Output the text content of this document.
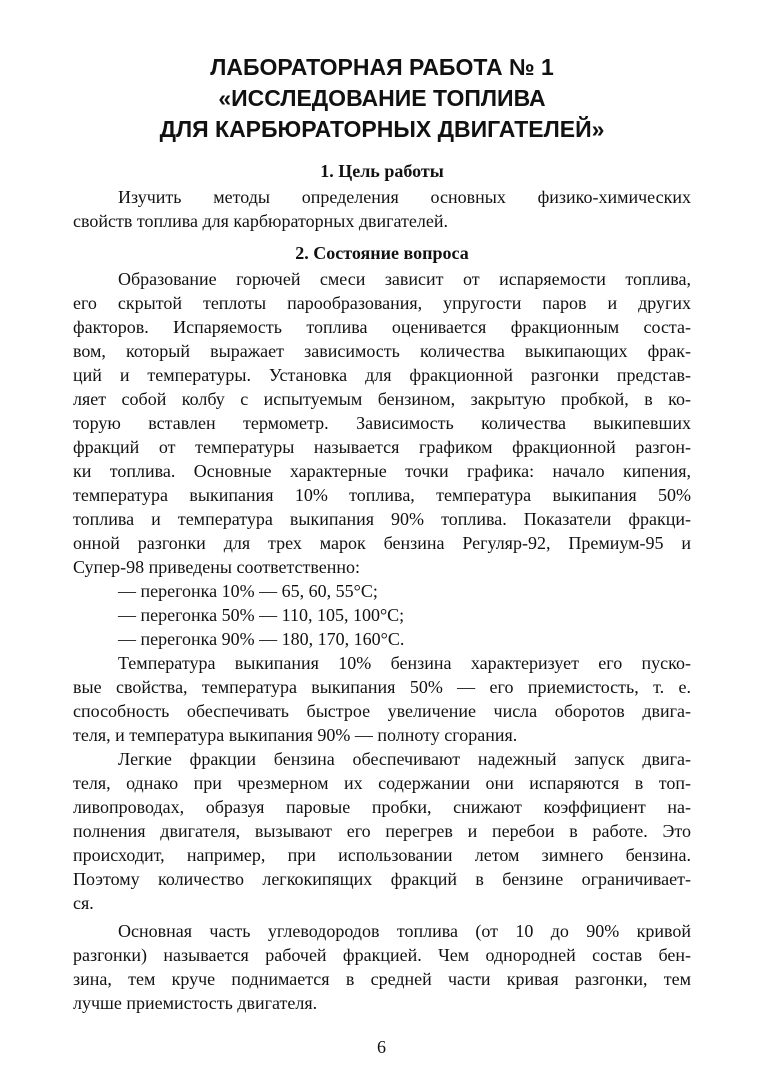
ЛАБОРАТОРНАЯ РАБОТА № 1
«ИССЛЕДОВАНИЕ ТОПЛИВА
ДЛЯ КАРБЮРАТОРНЫХ ДВИГАТЕЛЕЙ»
1. Цель работы
Изучить методы определения основных физико-химических
свойств топлива для карбюраторных двигателей.
2. Состояние вопроса
Образование горючей смеси зависит от испаряемости топлива,
его скрытой теплоты парообразования, упругости паров и других
факторов. Испаряемость топлива оценивается фракционным соста-
вом, который выражает зависимость количества выкипающих фрак-
ций и температуры. Установка для фракционной разгонки представ-
ляет собой колбу с испытуемым бензином, закрытую пробкой, в ко-
торую вставлен термометр. Зависимость количества выкипевших
фракций от температуры называется графиком фракционной разгон-
ки топлива. Основные характерные точки графика: начало кипения,
температура выкипания 10% топлива, температура выкипания 50%
топлива и температура выкипания 90% топлива. Показатели фракци-
онной разгонки для трех марок бензина Регуляр-92, Премиум-95 и
Супер-98 приведены соответственно:
— перегонка 10% — 65, 60, 55°С;
— перегонка 50% — 110, 105, 100°С;
— перегонка 90% — 180, 170, 160°С.
Температура выкипания 10% бензина характеризует его пуско-
вые свойства, температура выкипания 50% — его приемистость, т. е.
способность обеспечивать быстрое увеличение числа оборотов двига-
теля, и температура выкипания 90% — полноту сгорания.
Легкие фракции бензина обеспечивают надежный запуск двига-
теля, однако при чрезмерном их содержании они испаряются в топ-
ливопроводах, образуя паровые пробки, снижают коэффициент на-
полнения двигателя, вызывают его перегрев и перебои в работе. Это
происходит, например, при использовании летом зимнего бензина.
Поэтому количество легкокипящих фракций в бензине ограничивает-
ся.
Основная часть углеводородов топлива (от 10 до 90% кривой
разгонки) называется рабочей фракцией. Чем однородней состав бен-
зина, тем круче поднимается в средней части кривая разгонки, тем
лучше приемистость двигателя.
6
